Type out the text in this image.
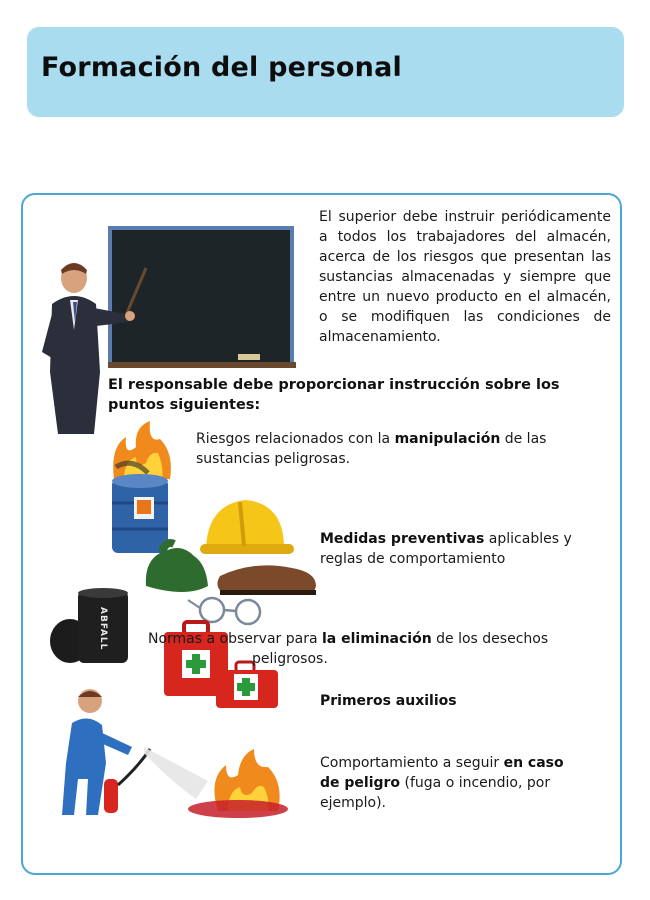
Formación del personal
ABFALL
El superior debe instruir periódicamente a todos los trabajadores del almacén, acerca de los riesgos que presentan las sustancias almacenadas y siempre que entre un nuevo producto en el almacén, o se modifiquen las condiciones de almacenamiento.
El responsable debe proporcionar instrucción sobre los puntos siguientes:
Riesgos relacionados con la manipulación de las sustancias peligrosas.
Medidas preventivas aplicables y reglas de comportamiento
Normas a observar para la eliminación de los desechos
peligrosos.
Primeros auxilios
Comportamiento a seguir en caso de peligro (fuga o incendio, por ejemplo).
